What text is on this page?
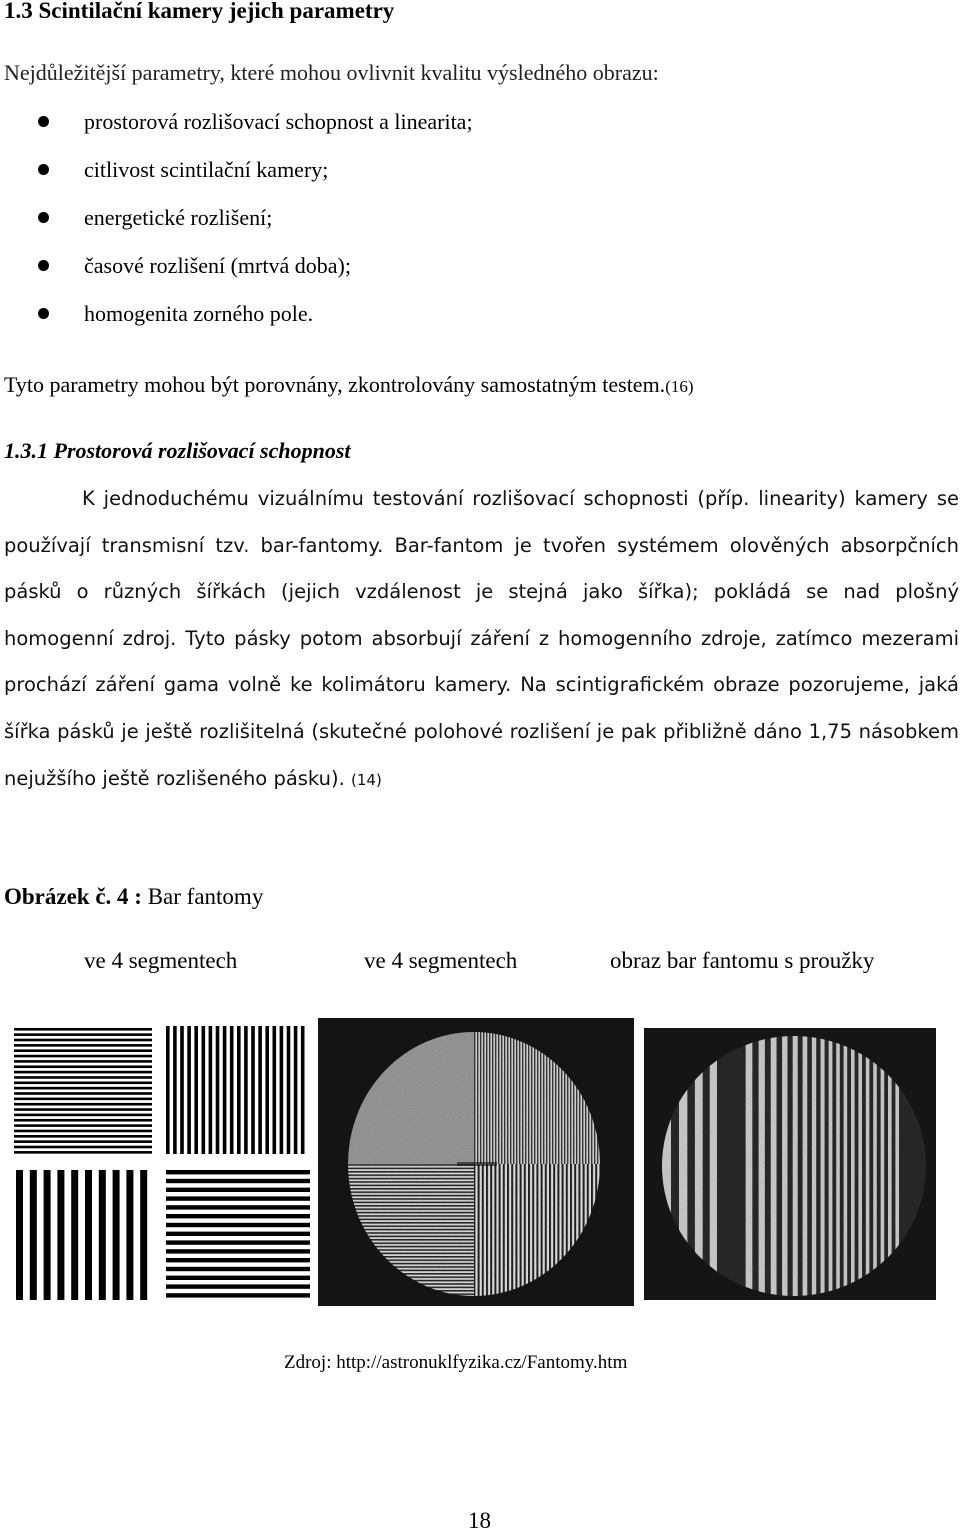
1.3 Scintilační kamery jejich parametry
Nejdůležitější parametry, které mohou ovlivnit kvalitu výsledného obrazu:
prostorová rozlišovací schopnost a linearita;
citlivost scintilační kamery;
energetické rozlišení;
časové rozlišení (mrtvá doba);
homogenita zorného pole.
Tyto parametry mohou být porovnány, zkontrolovány samostatným testem.(16)
1.3.1 Prostorová rozlišovací schopnost

K jednoduchému vizuálnímu testování rozlišovací schopnosti (příp. linearity) kamery se používají transmisní tzv. bar-fantomy. Bar-fantom je tvořen systémem olověných absorpčních pásků o různých šířkách (jejich vzdálenost je stejná jako šířka); pokládá se nad plošný homogenní zdroj. Tyto pásky potom absorbují záření z homogenního zdroje, zatímco mezerami prochází záření gama volně ke kolimátoru kamery. Na scintigrafickém obraze pozorujeme, jaká šířka pásků je ještě rozlišitelná (skutečné polohové rozlišení je pak přibližně dáno 1,75 násobkem nejužšího ještě rozlišeného pásku). (14)

Obrázek č. 4 : Bar fantomy
ve 4 segmentech	ve 4 segmentech	obraz bar fantomu s proužky
Zdroj: http://astronuklfyzika.cz/Fantomy.htm
18
